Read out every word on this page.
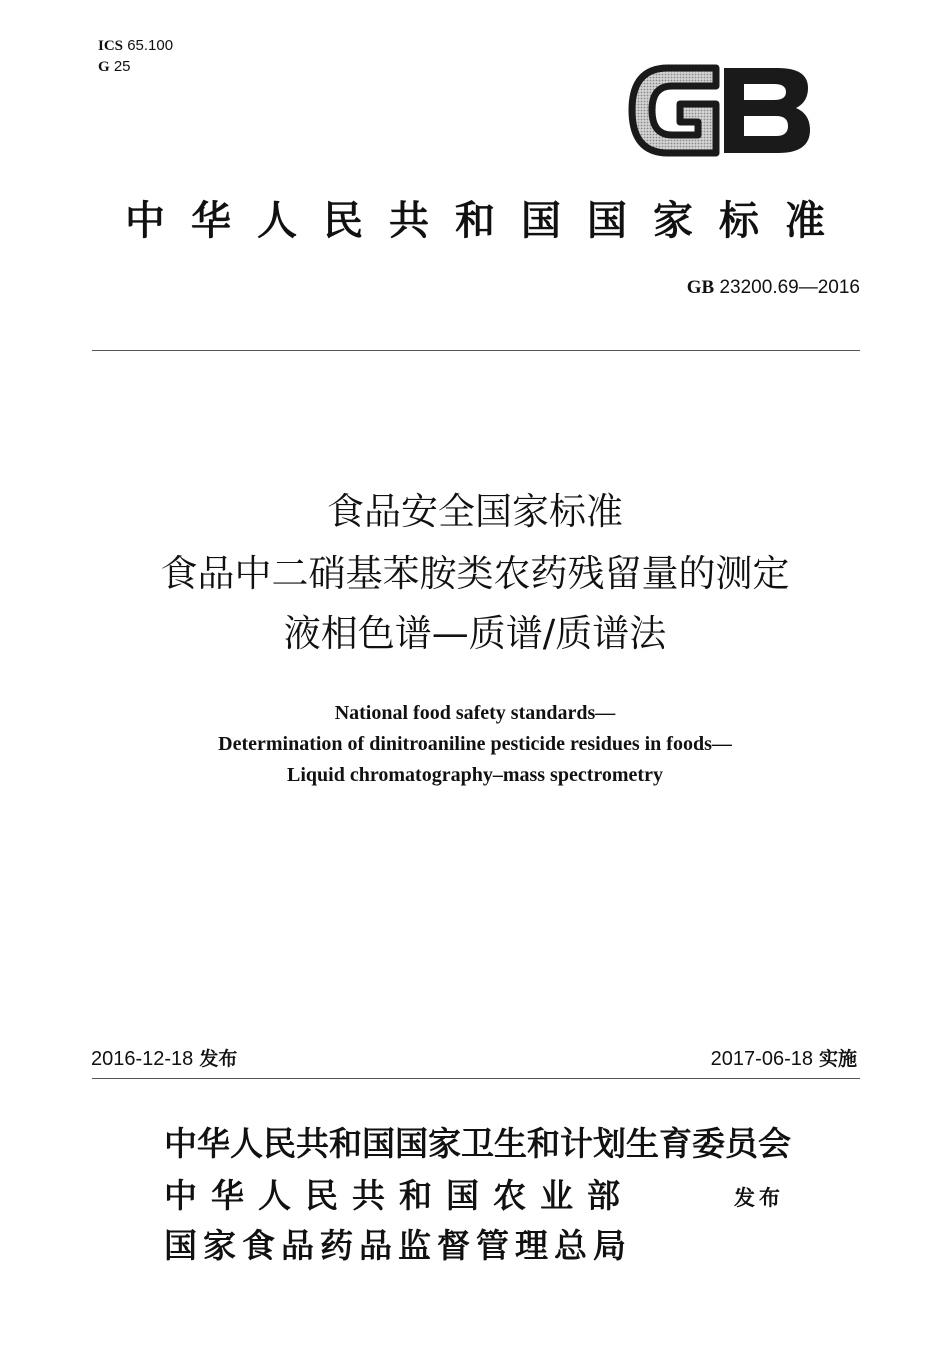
ICS 65.100
G 25
中华人民共和国国家标准
GB 23200.69—2016
食品安全国家标准
食品中二硝基苯胺类农药残留量的测定
液相色谱—质谱/质谱法
National food safety standards—
Determination of dinitroaniline pesticide residues in foods—
Liquid chromatography–mass spectrometry
2016-12-18 发布	2017-06-18 实施
中华人民共和国国家卫生和计划生育委员会
中华人民共和国农业部
国家食品药品监督管理总局
发布
